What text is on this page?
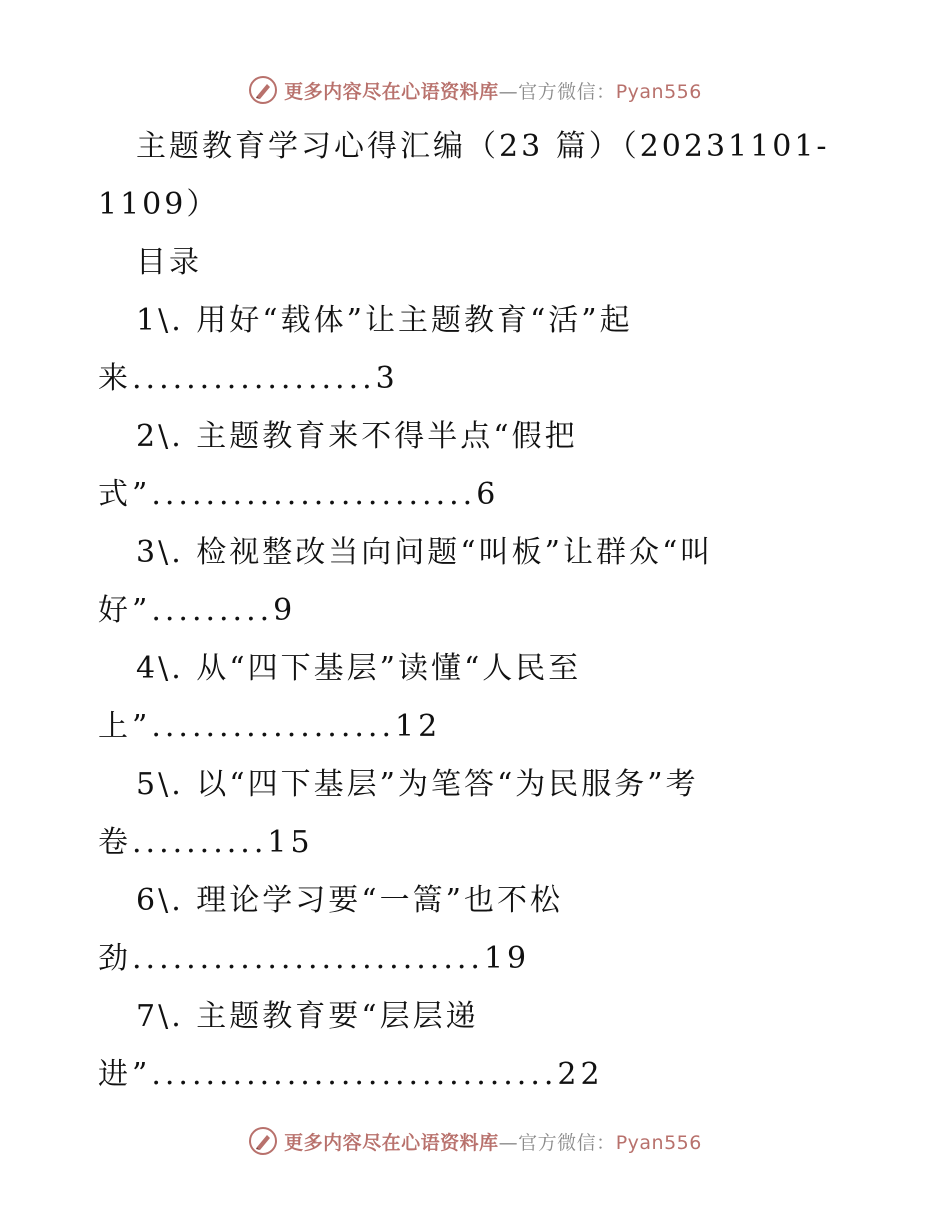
更多内容尽在心语资料库—官方微信：Pyan556
主题教育学习心得汇编（23 篇）（20231101-
1109）
目录
1\. 用好“载体”让主题教育“活”起
来..................3
2\. 主题教育来不得半点“假把
式”........................6
3\. 检视整改当向问题“叫板”让群众“叫
好”.........9
4\. 从“四下基层”读懂“人民至
上”..................12
5\. 以“四下基层”为笔答“为民服务”考
卷..........15
6\. 理论学习要“一篙”也不松
劲..........................19
7\. 主题教育要“层层递
进”..............................22
更多内容尽在心语资料库—官方微信：Pyan556
